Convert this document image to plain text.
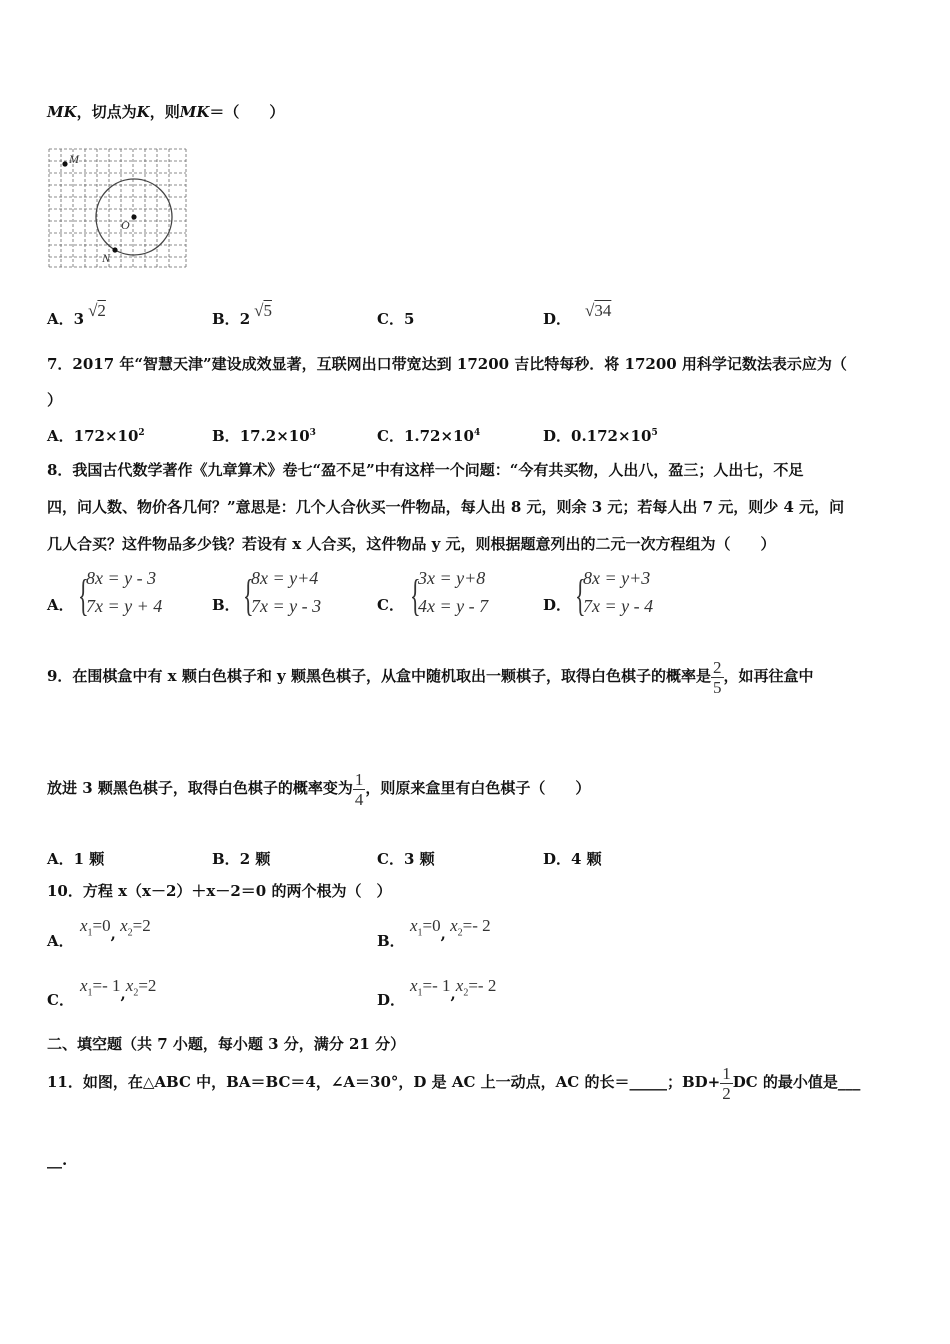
MK，切点为K，则MK＝（　　）
M
O
N
A．3 √2	B．2 √5	C．5	D． √34
7．2017 年“智慧天津”建设成效显著，互联网出口带宽达到 17200 吉比特每秒．将 17200 用科学记数法表示应为（
）
A．$172\times 10^2$	B．$17.2\times 10^3$	C．$1.72\times 10^4$	D．$0.172\times 10^5$
8．我国古代数学著作《九章算术》卷七“盈不足”中有这样一个问题：“今有共买物，人出八，盈三；人出七，不足
四，问人数、物价各几何？”意思是：几个人合伙买一件物品，每人出 8 元，则余 3 元；若每人出 7 元，则少 4 元，问
几人合买？这件物品多少钱？若设有 x 人合买，这件物品 y 元，则根据题意列出的二元一次方程组为（　　）
A． {
8x = y - 3
7x = y + 4	B． {
8x = y+4
7x = y - 3	C． {
3x = y+8
4x = y - 7	D． {
8x = y+3
7x = y - 4
9．在围棋盒中有 x 颗白色棋子和 y 颗黑色棋子，从盒中随机取出一颗棋子，取得白色棋子的概率是 $\frac{2}{5}$ ，如再往盒中
放进 3 颗黑色棋子，取得白色棋子的概率变为 $\frac{1}{4}$ ，则原来盒里有白色棋子（　　）
A．1 颗	B．2 颗	C．3 颗	D．4 颗
10．方程 x（x－2）＋x－2＝0 的两个根为（　）
A．
$x_1=0$, $x_2=2$
B．
$x_1=0$, $x_2=-$ 2
C．
$x_1=-$ $1,x_2=2$
D．
$x_1=-$ $1,x_2=-$ 2
二、填空题（共 7 小题，每小题 3 分，满分 21 分）
11．如图，在△ABC 中，BA＝BC＝4，∠A＝30°，D 是 AC 上一动点，AC 的长＝_____；$BD+ \frac{1}{2}$ DC 的最小值是___
__.
